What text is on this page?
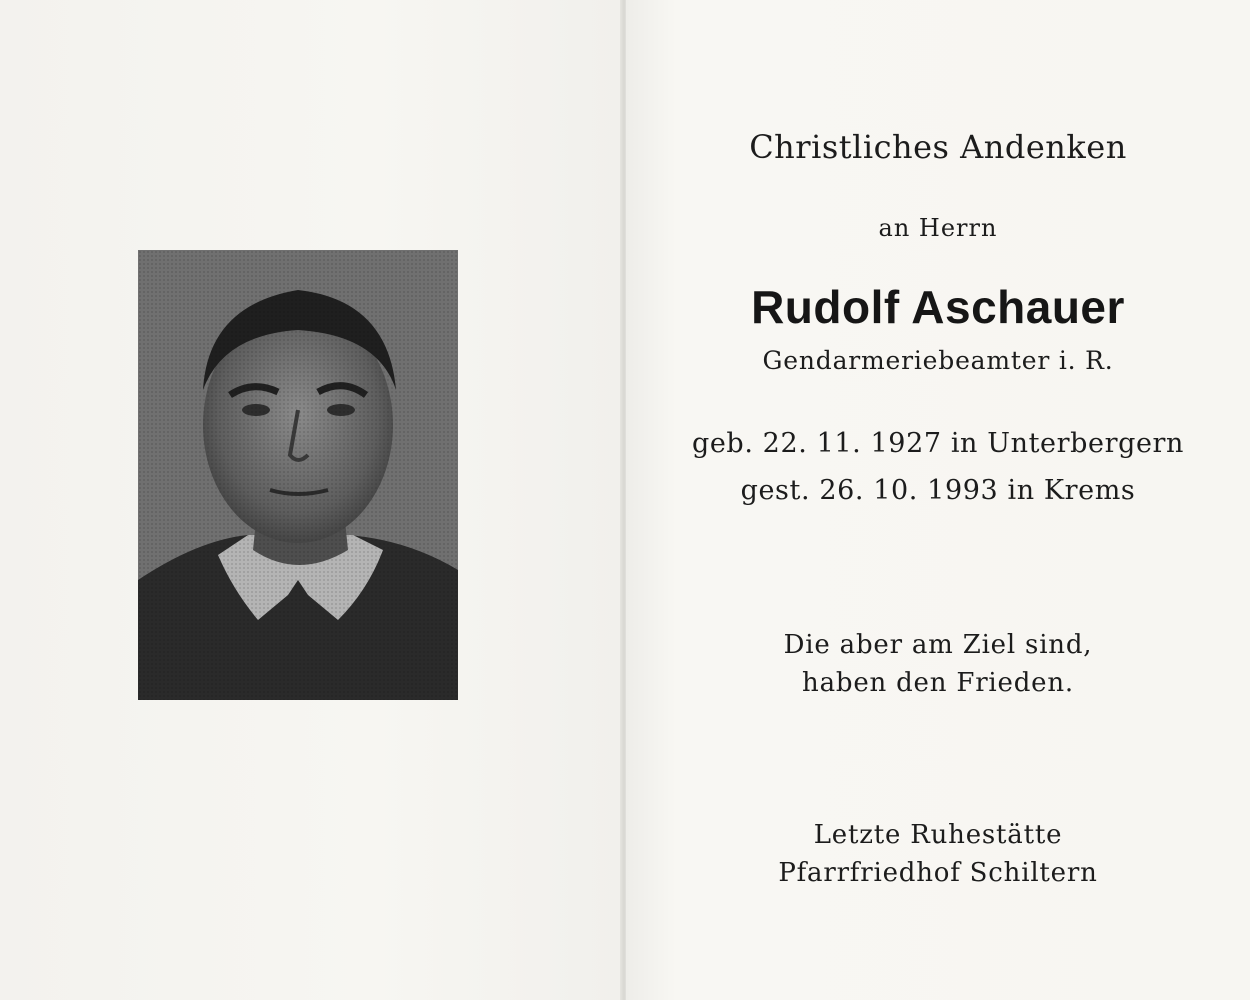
Christliches Andenken
an Herrn
Rudolf Aschauer
Gendarmeriebeamter i. R.
geb. 22. 11. 1927 in Unterbergern
gest. 26. 10. 1993 in Krems
Die aber am Ziel sind,
haben den Frieden.
Letzte Ruhestätte
Pfarrfriedhof Schiltern
